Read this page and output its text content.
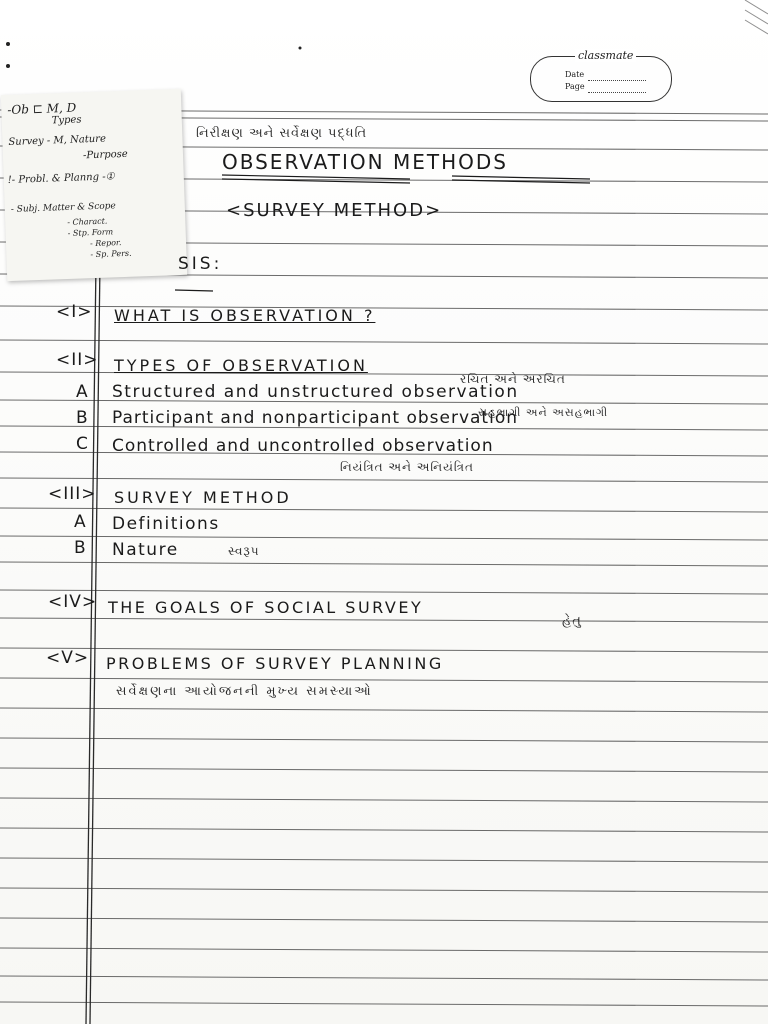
classmate
Date
Page
-Ob ⊏ M, D
Types
Survey - M, Nature
-Purpose
!- Probl. & Planng -①
- Subj. Matter & Scope
- Charact.
- Stp. Form
- Repor.
- Sp. Pers.
નિરીક્ષણ અને સર્વેક્ષણ પદ્ધતિ
OBSERVATION METHODS
<SURVEY METHOD>
SIS:
<I> WHAT IS OBSERVATION ?
<II> TYPES OF OBSERVATION
રચિત અને અરચિત
A Structured and unstructured observation
સહભાગી અને અસહભાગી
B Participant and nonparticipant observation
C Controlled and uncontrolled observation
નિયંત્રિત અને અનિયંત્રિત
<III> SURVEY METHOD
A Definitions
B Nature	સ્વરૂપ
<IV> THE GOALS OF SOCIAL SURVEY
હેતુ
<V> PROBLEMS OF SURVEY PLANNING
સર્વેક્ષણના આયોજનની મુખ્ય સમસ્યાઓ
